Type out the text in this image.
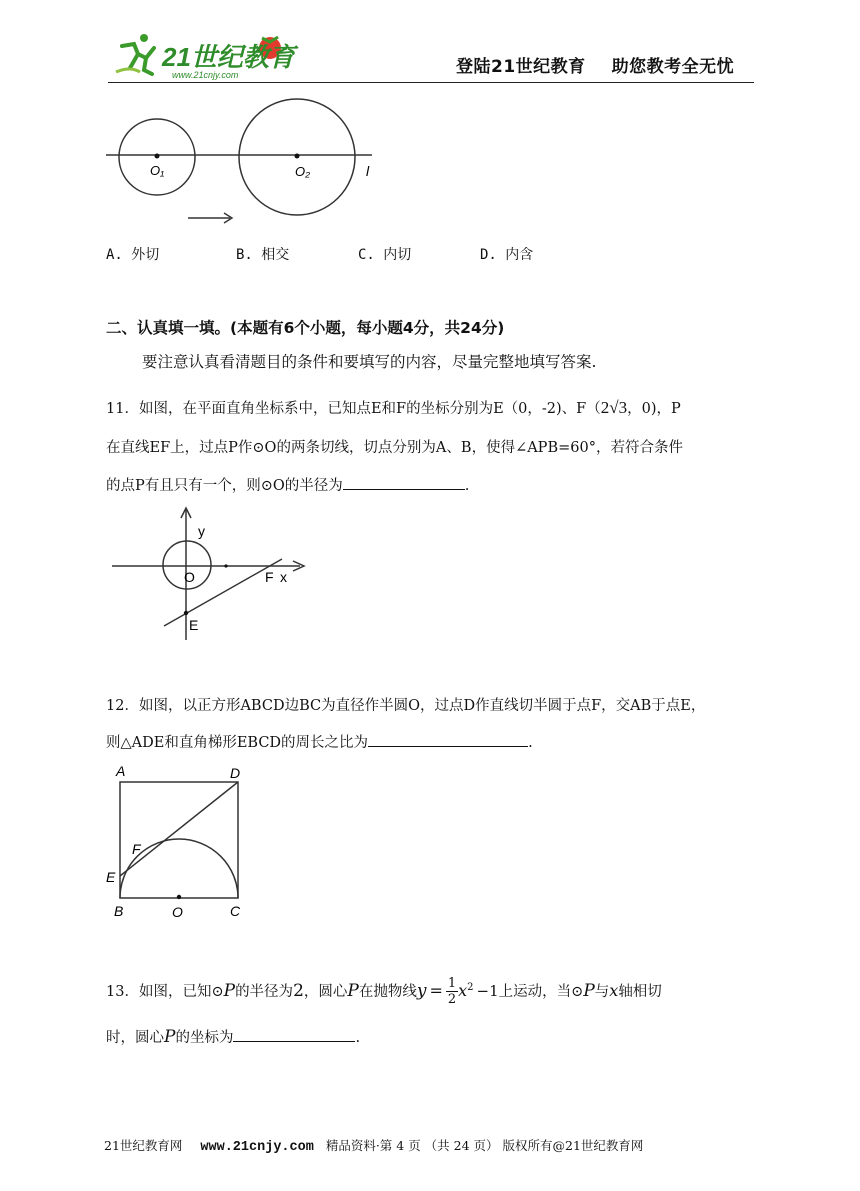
21世纪教育
www.21cnjy.com	登陆21世纪教育 助您教考全无忧
O₁	O₂	l
A. 外切	B. 相交	C. 内切	D. 内含
二、认真填一填。(本题有6个小题，每小题4分，共24分)
要注意认真看清题目的条件和要填写的内容，尽量完整地填写答案.
11．如图，在平面直角坐标系中，已知点E和F的坐标分别为E（0，-2)、F（2√3，0)，P
在直线EF上，过点P作⊙O的两条切线，切点分别为A、B，使得∠APB=60°，若符合条件
的点P有且只有一个，则⊙O的半径为	.
y
O	F x
E
12．如图，以正方形ABCD边BC为直径作半圆O，过点D作直线切半圆于点F，交AB于点E，
则△ADE和直角梯形EBCD的周长之比为	.
A	D
F
E
B	O	C
13．如图，已知⊙P的半径为2，圆心P在抛物线$y = \frac{1}{2} x^2 -1$上运动，当⊙P与x轴相切
时，圆心P的坐标为	.
21世纪教育网 www.21cnjy.com 精品资料·第 4 页 （共 24 页） 版权所有@21世纪教育网
